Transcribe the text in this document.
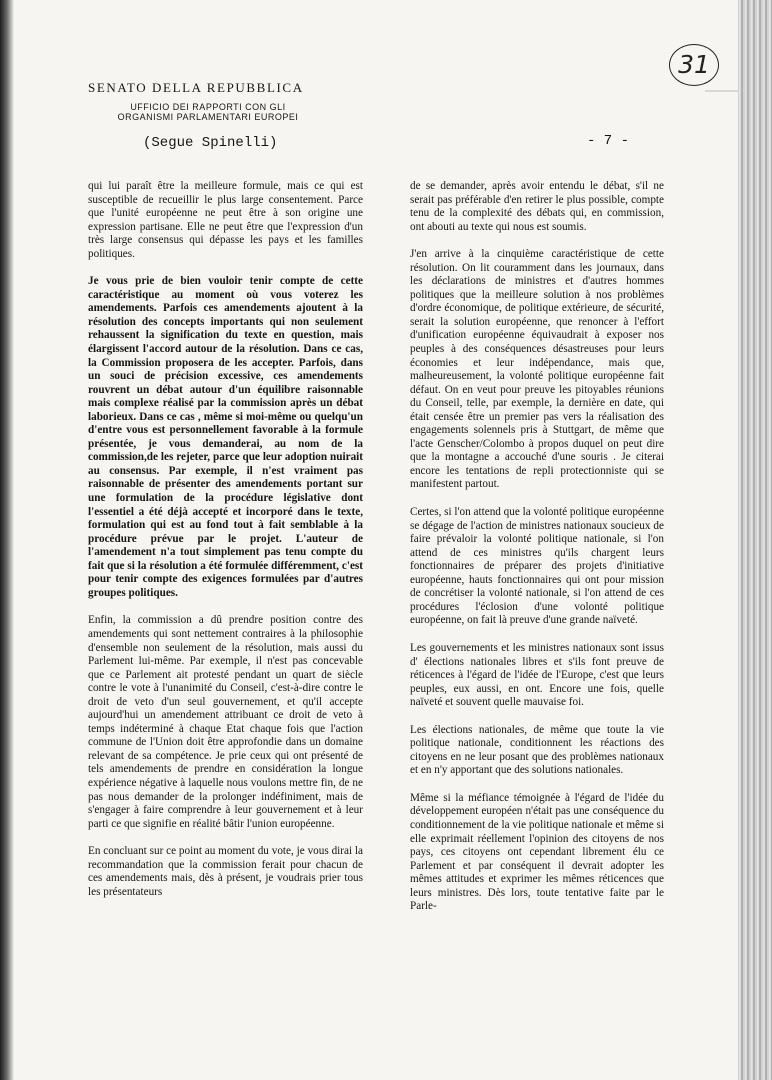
31
SENATO DELLA REPUBBLICA
UFFICIO DEI RAPPORTI CON GLI
ORGANISMI PARLAMENTARI EUROPEI
(Segue Spinelli)	- 7 -

qui lui paraît être la meilleure formule, mais ce qui est susceptible de recueillir le plus large consentement. Parce que l'unité européenne ne peut être à son origine une expression partisane. Elle ne peut être que l'expression d'un très large consensus qui dépasse les pays et les familles politiques.

Je vous prie de bien vouloir tenir compte de cette caractéristique au moment où vous voterez les amendements. Parfois ces amendements ajoutent à la résolution des concepts importants qui non seulement rehaussent la signification du texte en question, mais élargissent l'accord autour de la résolution. Dans ce cas, la Commission proposera de les accepter. Parfois, dans un souci de précision excessive, ces amendements rouvrent un débat autour d'un équilibre raisonnable mais complexe réalisé par la commission après un débat laborieux. Dans ce cas , même si moi-même ou quelqu'un d'entre vous est personnellement favorable à la formule présentée, je vous demanderai, au nom de la commission,de les rejeter, parce que leur adoption nuirait au consensus. Par exemple, il n'est vraiment pas raisonnable de présenter des amendements portant sur une formulation de la procédure législative dont l'essentiel a été déjà accepté et incorporé dans le texte, formulation qui est au fond tout à fait semblable à la procédure prévue par le projet. L'auteur de l'amendement n'a tout simplement pas tenu compte du fait que si la résolution a été formulée différemment, c'est pour tenir compte des exigences formulées par d'autres groupes politiques.

Enfin, la commission a dû prendre position contre des amendements qui sont nettement contraires à la philosophie d'ensemble non seulement de la résolution, mais aussi du Parlement lui-même. Par exemple, il n'est pas concevable que ce Parlement ait protesté pendant un quart de siècle contre le vote à l'unanimité du Conseil, c'est-à-dire contre le droit de veto d'un seul gouvernement, et qu'il accepte aujourd'hui un amendement attribuant ce droit de veto à temps indéterminé à chaque Etat chaque fois que l'action commune de l'Union doit être approfondie dans un domaine relevant de sa compétence. Je prie ceux qui ont présenté de tels amendements de prendre en considération la longue expérience négative à laquelle nous voulons mettre fin, de ne pas nous demander de la prolonger indéfiniment, mais de s'engager à faire comprendre à leur gouvernement et à leur parti ce que signifie en réalité bâtir l'union européenne.

En concluant sur ce point au moment du vote, je vous dirai la recommandation que la commission ferait pour chacun de ces amendements mais, dès à présent, je voudrais prier tous les présentateurs

de se demander, après avoir entendu le débat, s'il ne serait pas préférable d'en retirer le plus possible, compte tenu de la complexité des débats qui, en commission, ont abouti au texte qui nous est soumis.

J'en arrive à la cinquième caractéristique de cette résolution. On lit couramment dans les journaux, dans les déclarations de ministres et d'autres hommes politiques que la meilleure solution à nos problèmes d'ordre économique, de politique extérieure, de sécurité, serait la solution européenne, que renoncer à l'effort d'unification européenne équivaudrait à exposer nos peuples à des conséquences désastreuses pour leurs économies et leur indépendance, mais que, malheureusement, la volonté politique européenne fait défaut. On en veut pour preuve les pitoyables réunions du Conseil, telle, par exemple, la dernière en date, qui était censée être un premier pas vers la réalisation des engagements solennels pris à Stuttgart, de même que l'acte Genscher/Colombo à propos duquel on peut dire que la montagne a accouché d'une souris . Je citerai encore les tentations de repli protectionniste qui se manifestent partout.

Certes, si l'on attend que la volonté politique européenne se dégage de l'action de ministres nationaux soucieux de faire prévaloir la volonté politique nationale, si l'on attend de ces ministres qu'ils chargent leurs fonctionnaires de préparer des projets d'initiative européenne, hauts fonctionnaires qui ont pour mission de concrétiser la volonté nationale, si l'on attend de ces procédures l'éclosion d'une volonté politique européenne, on fait là preuve d'une grande naïveté.

Les gouvernements et les ministres nationaux sont issus d' élections nationales libres et s'ils font preuve de réticences à l'égard de l'idée de l'Europe, c'est que leurs peuples, eux aussi, en ont. Encore une fois, quelle naïveté et souvent quelle mauvaise foi.

Les élections nationales, de même que toute la vie politique nationale, conditionnent les réactions des citoyens en ne leur posant que des problèmes nationaux et en n'y apportant que des solutions nationales.

Même si la méfiance témoignée à l'égard de l'idée du développement européen n'était pas une conséquence du conditionnement de la vie politique nationale et même si elle exprimait réellement l'opinion des citoyens de nos pays, ces citoyens ont cependant librement élu ce Parlement et par conséquent il devrait adopter les mêmes attitudes et exprimer les mêmes réticences que leurs ministres. Dès lors, toute tentative faite par le Parle-
